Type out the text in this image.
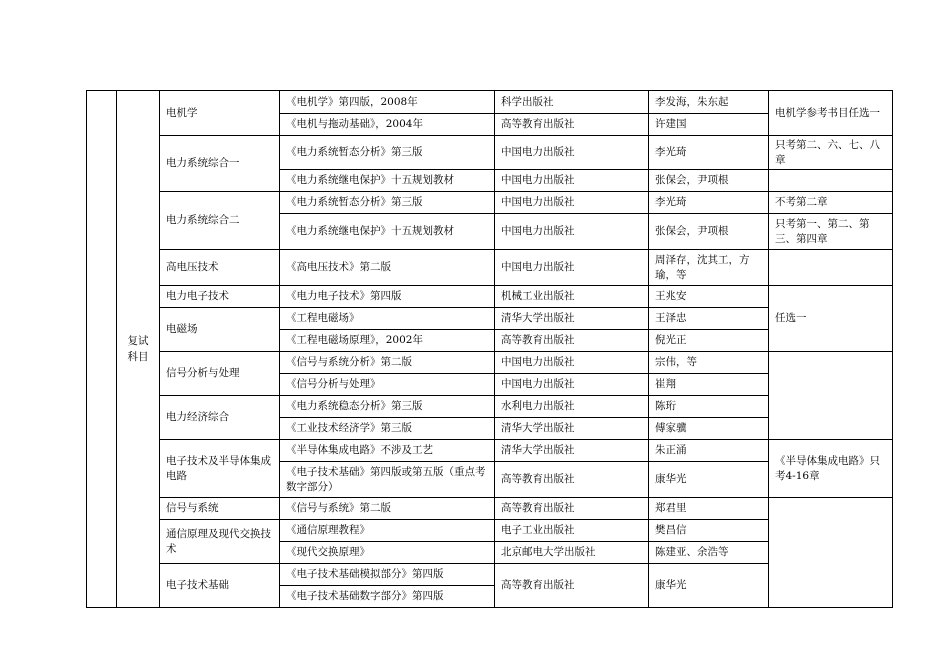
	复试科目	电机学	《电机学》第四版，2008年	科学出版社	李发海，朱东起	电机学参考书目任选一
			《电机与拖动基础》，2004年	高等教育出版社	许建国	
		电力系统综合一	《电力系统暂态分析》第三版	中国电力出版社	李光琦	只考第二、六、七、八章
			《电力系统继电保护》十五规划教材	中国电力出版社	张保会，尹项根	
		电力系统综合二	《电力系统暂态分析》第三版	中国电力出版社	李光琦	不考第二章
			《电力系统继电保护》十五规划教材	中国电力出版社	张保会，尹项根	只考第一、第二、第三、第四章
		高电压技术	《高电压技术》第二版	中国电力出版社	周泽存，沈其工，方瑜，等	
		电力电子技术	《电力电子技术》第四版	机械工业出版社	王兆安	任选一
		电磁场	《工程电磁场》	清华大学出版社	王泽忠	
			《工程电磁场原理》，2002年	高等教育出版社	倪光正	
		信号分析与处理	《信号与系统分析》第二版	中国电力出版社	宗伟，等	
			《信号分析与处理》	中国电力出版社	崔翔	
		电力经济综合	《电力系统稳态分析》第三版	水利电力出版社	陈珩	
			《工业技术经济学》第三版	清华大学出版社	傅家骥	
		电子技术及半导体集成电路	《半导体集成电路》不涉及工艺	清华大学出版社	朱正涌	《半导体集成电路》只考4-16章
			《电子技术基础》第四版或第五版（重点考数字部分）	高等教育出版社	康华光	
		信号与系统	《信号与系统》第二版	高等教育出版社	郑君里	
		通信原理及现代交换技术	《通信原理教程》	电子工业出版社	樊昌信	
			《现代交换原理》	北京邮电大学出版社	陈建亚、余浩等	
		电子技术基础	《电子技术基础模拟部分》第四版	高等教育出版社	康华光	
			《电子技术基础数字部分》第四版			
